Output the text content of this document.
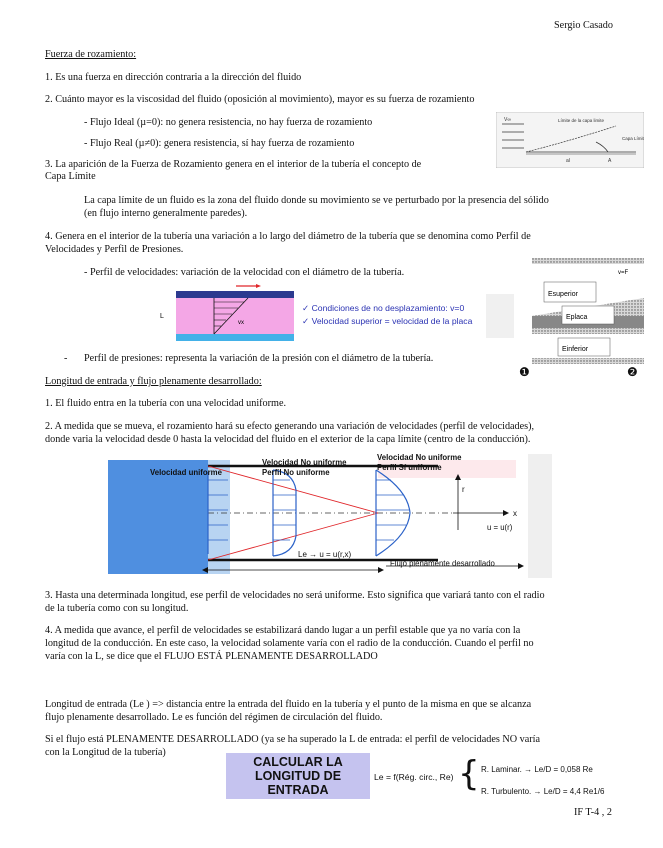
Sergio Casado
Fuerza de rozamiento:
1. Es una fuerza en dirección contraria a la dirección del fluido
2. Cuánto mayor es la viscosidad del fluido (oposición al movimiento), mayor es su fuerza de rozamiento
- Flujo Ideal (µ=0): no genera resistencia, no hay fuerza de rozamiento
- Flujo Real (µ≠0): genera resistencia, sí hay fuerza de rozamiento
3. La aparición de la Fuerza de Rozamiento genera en el interior de la tubería el concepto de
Capa Límite
La capa límite de un fluido es la zona del fluido donde su movimiento se ve perturbado por la presencia del sólido
(en flujo interno generalmente paredes).
4. Genera en el interior de la tubería una variación a lo largo del diámetro de la tubería que se denomina como Perfil de
Velocidades y Perfil de Presiones.
- Perfil de velocidades: variación de la velocidad con el diámetro de la tubería.
V∞	Límite de la capa limite
Capa Límite
al	A
vx
L
✓ Condiciones de no desplazamiento: v=0
✓ Velocidad superior = velocidad de la placa
Esuperior
Eplaca
Einferior
v=F
❶	❷
- Perfil de presiones: representa la variación de la presión con el diámetro de la tubería.
Longitud de entrada y flujo plenamente desarrollado:
1. El fluido entra en la tubería con una velocidad uniforme.
2. A medida que se mueva, el rozamiento hará su efecto generando una variación de velocidades (perfil de velocidades),
donde varia la velocidad desde 0 hasta la velocidad del fluido en el exterior de la capa límite (centro de la conducción).
Velocidad uniforme
Velocidad No uniforme
Perfil No uniforme
Velocidad No uniforme
Perfil Sí uniforme
r
x
u = u(r)
Le → u = u(r,x)
Flujo plenamente desarrollado
3. Hasta una determinada longitud, ese perfil de velocidades no será uniforme. Esto significa que variará tanto con el radio
de la tubería como con su longitud.
4. A medida que avance, el perfil de velocidades se estabilizará dando lugar a un perfil estable que ya no varía con la
longitud de la conducción. En este caso, la velocidad solamente varía con el radio de la conducción. Cuando el perfil no
varía con la L, se dice que el FLUJO ESTÁ PLENAMENTE DESARROLLADO
Longitud de entrada (Le ) => distancia entre la entrada del fluido en la tubería y el punto de la misma en que se alcanza
flujo plenamente desarrollado. Le es función del régimen de circulación del fluido.
Si el flujo está PLENAMENTE DESARROLLADO (ya se ha superado la L de entrada: el perfil de velocidades NO varía
con la Longitud de la tubería)
CALCULAR LA
LONGITUD DE
ENTRADA
Le = f(Rég. circ., Re) { R. Laminar. → Le/D = 0,058 Re
R. Turbulento. → Le/D = 4,4 Re1/6
IF T-4 , 2
